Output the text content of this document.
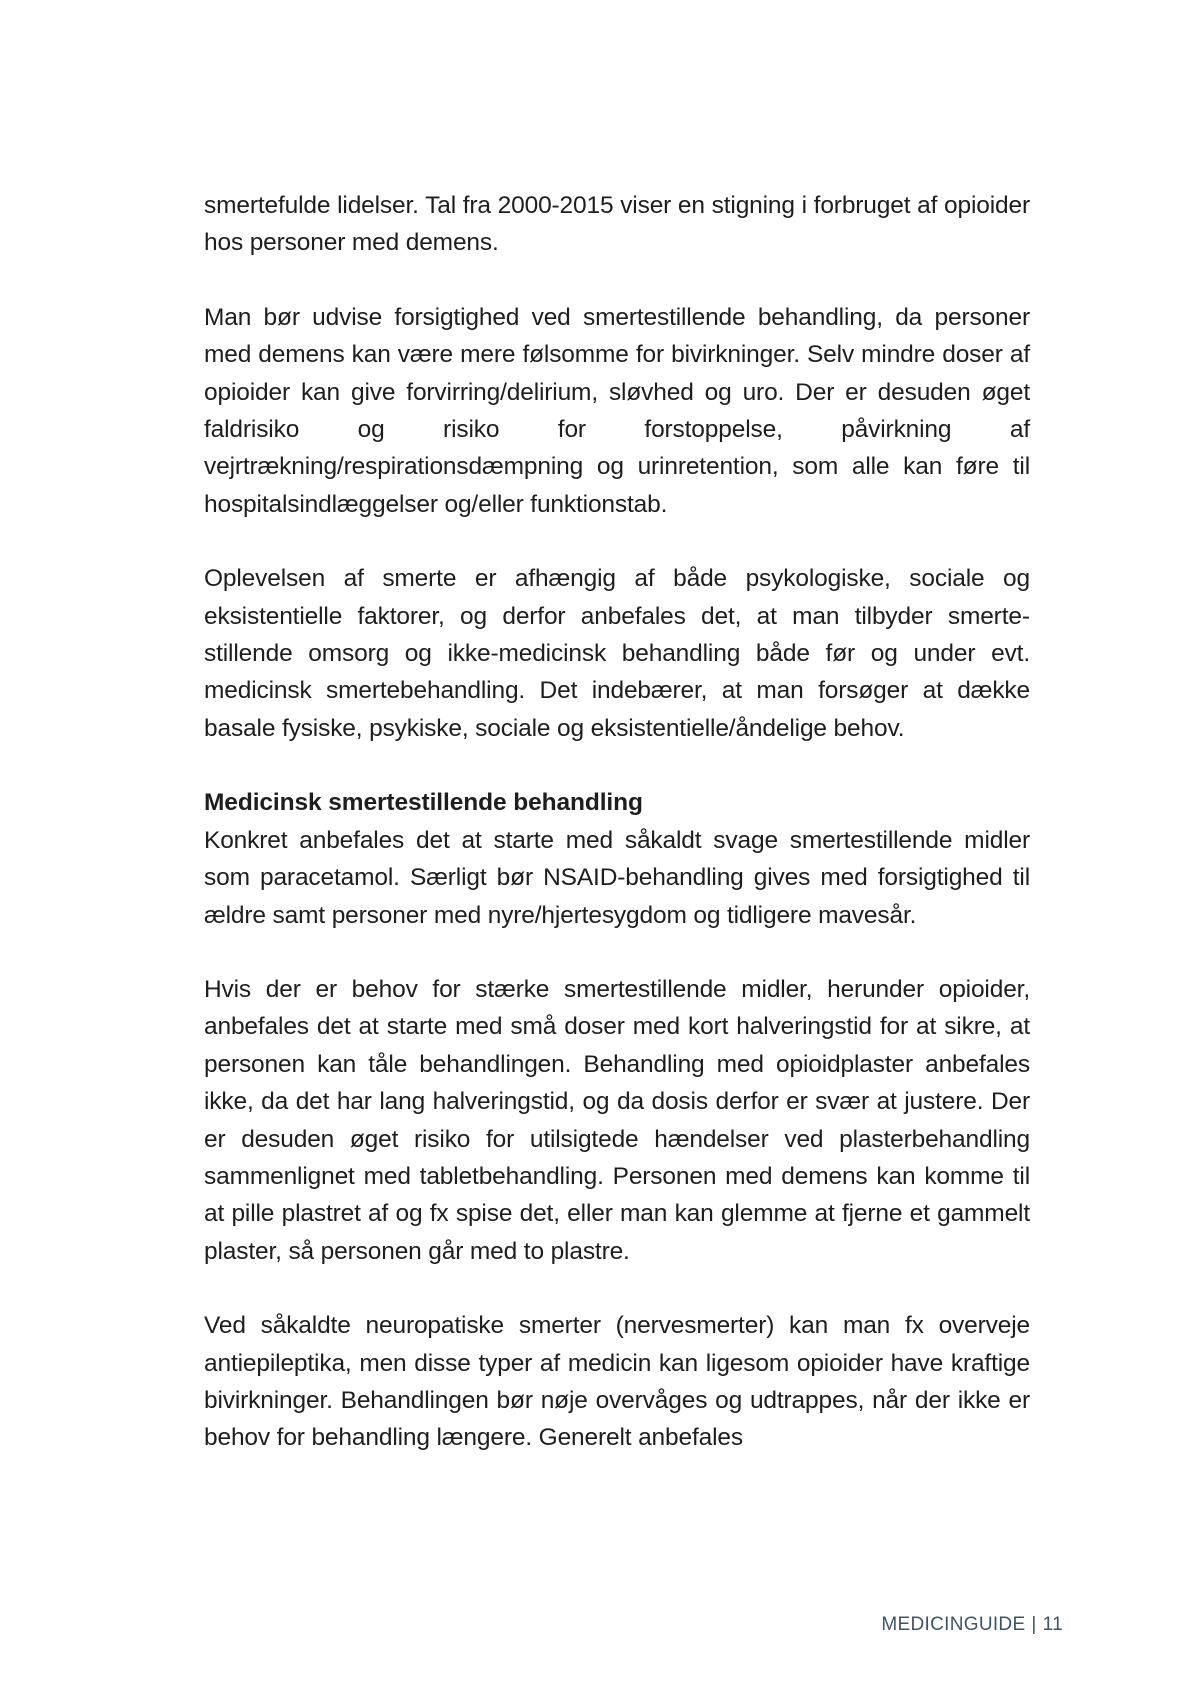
smertefulde lidelser. Tal fra 2000-2015 viser en stigning i forbruget af opioider hos personer med demens.

Man bør udvise forsigtighed ved smertestillende behandling, da personer med demens kan være mere følsomme for bivirkninger. Selv mindre doser af opioider kan give forvirring/delirium, sløvhed og uro. Der er desuden øget faldrisiko og risiko for forstoppelse, påvirkning af vejrtrækning/respirationsdæmpning og urinretention, som alle kan føre til hospitalsindlæggelser og/eller funktionstab.

Oplevelsen af smerte er afhængig af både psykologiske, sociale og eksistentielle faktorer, og derfor anbefales det, at man tilbyder smertestillende omsorg og ikke-medicinsk behandling både før og under evt. medicinsk smertebehandling. Det indebærer, at man forsøger at dække basale fysiske, psykiske, sociale og eksistentielle/åndelige behov.

Medicinsk smertestillende behandling

Konkret anbefales det at starte med såkaldt svage smertestillende midler som paracetamol. Særligt bør NSAID-behandling gives med forsigtighed til ældre samt personer med nyre/hjertesygdom og tidligere mavesår.

Hvis der er behov for stærke smertestillende midler, herunder opioider, anbefales det at starte med små doser med kort halveringstid for at sikre, at personen kan tåle behandlingen. Behandling med opioidplaster anbefales ikke, da det har lang halveringstid, og da dosis derfor er svær at justere. Der er desuden øget risiko for utilsigtede hændelser ved plasterbehandling sammenlignet med tabletbehandling. Personen med demens kan komme til at pille plastret af og fx spise det, eller man kan glemme at fjerne et gammelt plaster, så personen går med to plastre.

Ved såkaldte neuropatiske smerter (nervesmerter) kan man fx overveje antiepileptika, men disse typer af medicin kan ligesom opioider have kraftige bivirkninger. Behandlingen bør nøje overvåges og udtrappes, når der ikke er behov for behandling længere. Generelt anbefales

MEDICINGUIDE | 11
